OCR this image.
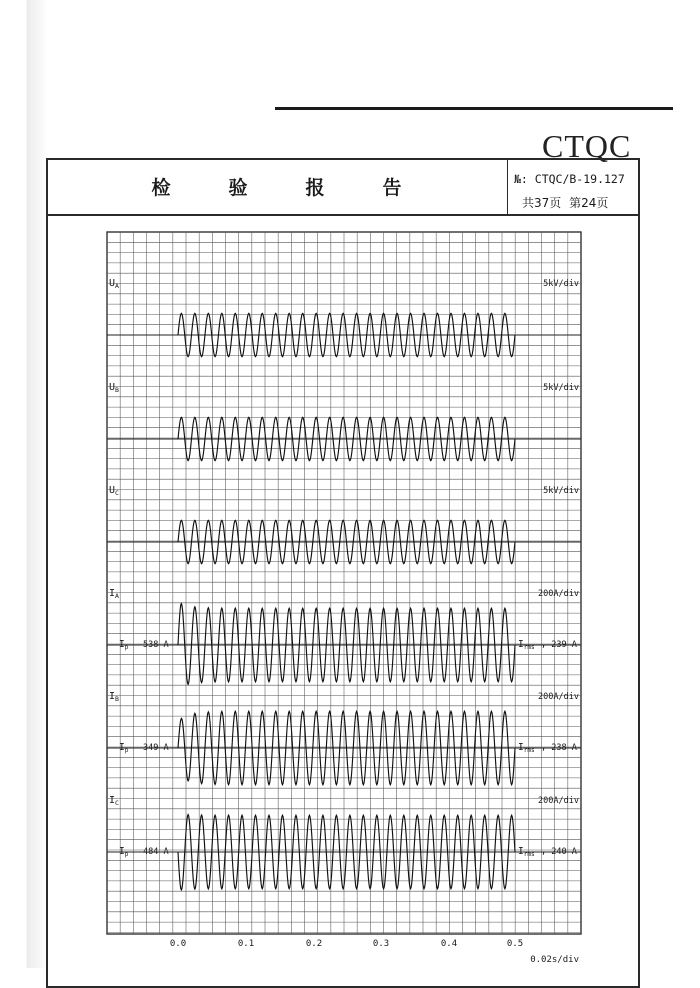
CTQC
检验报告	№: CTQC/B-19.127
共37页 第24页
$U_A$	5kV/div
$U_B$	5kV/div
$U_C$	5kV/div
$I_A$	200A/div
$I_p$ 538 A	$I_{rms}$ , 239 A
$I_B$	200A/div
$I_p$ 349 A	$I_{rms}$ , 238 A
$I_C$	200A/div
$I_p$ 484 A	$I_{rms}$ , 240 A
0.0	0.1	0.2	0.3	0.4	0.5
0.02s/div
